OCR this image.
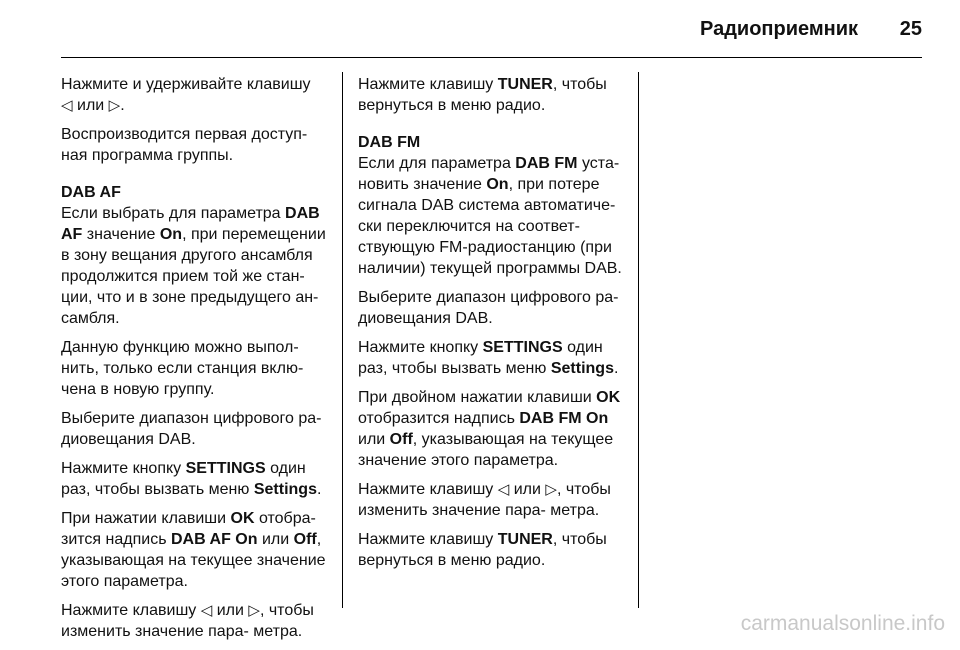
Радиоприемник	25

Нажмите и удерживайте клавишу
◁ или ▷.

Воспроизводится первая доступ- ная программа группы.

DAB AF

Если выбрать для параметра DAB AF значение On, при перемещении в зону вещания другого ансамбля продолжится прием той же стан- ции, что и в зоне предыдущего ан- самбля.

Данную функцию можно выпол- нить, только если станция вклю- чена в новую группу.

Выберите диапазон цифрового ра- диовещания DAB.

Нажмите кнопку SETTINGS один раз, чтобы вызвать меню Settings.

При нажатии клавиши OK отобра- зится надпись DAB AF On или Off, указывающая на текущее значение этого параметра.

Нажмите клавишу ◁ или ▷, чтобы изменить значение пара- метра.

Нажмите клавишу TUNER, чтобы вернуться в меню радио.

DAB FM

Если для параметра DAB FM уста- новить значение On, при потере сигнала DAB система автоматиче- ски переключится на соответ- ствующую FM-радиостанцию (при наличии) текущей программы DAB.

Выберите диапазон цифрового ра- диовещания DAB.

Нажмите кнопку SETTINGS один раз, чтобы вызвать меню Settings.

При двойном нажатии клавиши OK отобразится надпись DAB FM On или Off, указывающая на текущее значение этого параметра.

Нажмите клавишу ◁ или ▷, чтобы изменить значение пара- метра.

Нажмите клавишу TUNER, чтобы вернуться в меню радио.

carmanualsonline.info
